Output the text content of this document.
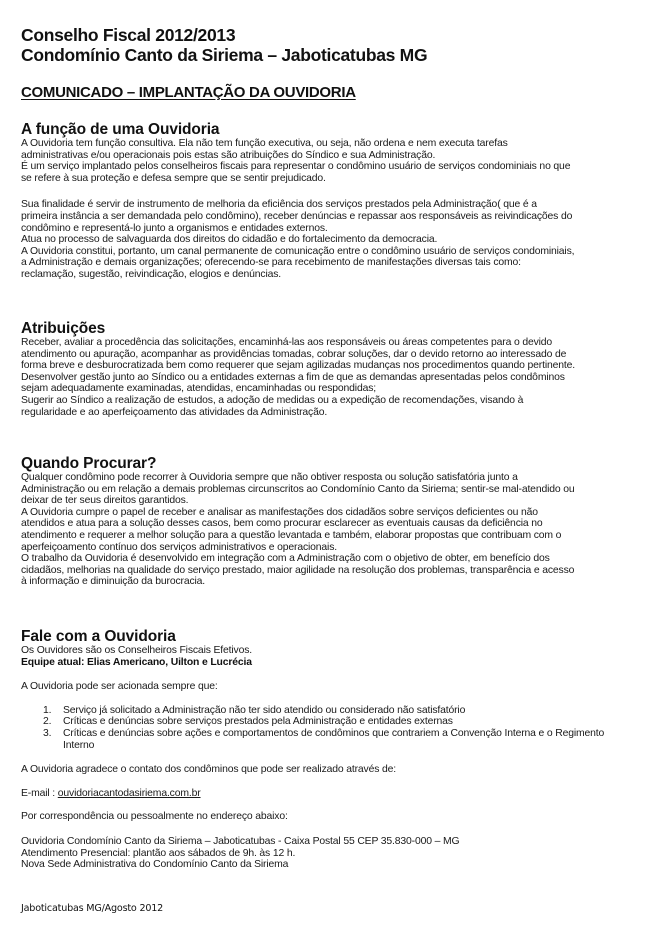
Conselho Fiscal 2012/2013

Condomínio Canto da Siriema – Jaboticatubas MG

COMUNICADO – IMPLANTAÇÃO DA OUVIDORIA

A função de uma Ouvidoria

A Ouvidoria tem função consultiva. Ela não tem função executiva, ou seja, não ordena e nem executa tarefas

administrativas e/ou operacionais pois estas são atribuições do Síndico e sua Administração.

É um serviço implantado pelos conselheiros fiscais para representar o condômino usuário de serviços condominiais no que

se refere à sua proteção e defesa sempre que se sentir prejudicado.

Sua finalidade é servir de instrumento de melhoria da eficiência dos serviços prestados pela Administração( que é a

primeira instância a ser demandada pelo condômino), receber denúncias e repassar aos responsáveis as reivindicações do

condômino e representá-lo junto a organismos e entidades externos.

Atua no processo de salvaguarda dos direitos do cidadão e do fortalecimento da democracia.

A Ouvidoria constitui, portanto, um canal permanente de comunicação entre o condômino usuário de serviços condominiais,

a Administração e demais organizações; oferecendo-se para recebimento de manifestações diversas tais como:

reclamação, sugestão, reivindicação, elogios e denúncias.

Atribuições

Receber, avaliar a procedência das solicitações, encaminhá-las aos responsáveis ou áreas competentes para o devido

atendimento ou apuração, acompanhar as providências tomadas, cobrar soluções, dar o devido retorno ao interessado de

forma breve e desburocratizada bem como requerer que sejam agilizadas mudanças nos procedimentos quando pertinente.

Desenvolver gestão junto ao Síndico ou a entidades externas a fim de que as demandas apresentadas pelos condôminos

sejam adequadamente examinadas, atendidas, encaminhadas ou respondidas;

Sugerir ao Síndico a realização de estudos, a adoção de medidas ou a expedição de recomendações, visando à

regularidade e ao aperfeiçoamento das atividades da Administração.

Quando Procurar?

Qualquer condômino pode recorrer à Ouvidoria sempre que não obtiver resposta ou solução satisfatória junto a

Administração ou em relação a demais problemas circunscritos ao Condomínio Canto da Siriema; sentir-se mal-atendido ou

deixar de ter seus direitos garantidos.

A Ouvidoria cumpre o papel de receber e analisar as manifestações dos cidadãos sobre serviços deficientes ou não

atendidos e atua para a solução desses casos, bem como procurar esclarecer as eventuais causas da deficiência no

atendimento e requerer a melhor solução para a questão levantada e também, elaborar propostas que contribuam com o

aperfeiçoamento contínuo dos serviços administrativos e operacionais.

O trabalho da Ouvidoria é desenvolvido em integração com a Administração com o objetivo de obter, em benefício dos

cidadãos, melhorias na qualidade do serviço prestado, maior agilidade na resolução dos problemas, transparência e acesso

à informação e diminuição da burocracia.

Fale com a Ouvidoria

Os Ouvidores são os Conselheiros Fiscais Efetivos.

Equipe atual: Elias Americano, Uilton e Lucrécia

A Ouvidoria pode ser acionada sempre que:

1. Serviço já solicitado a Administração não ter sido atendido ou considerado não satisfatório
2. Críticas e denúncias sobre serviços prestados pela Administração e entidades externas
3. Críticas e denúncias sobre ações e comportamentos de condôminos que contrariem a Convenção Interna e o Regimento Interno

A Ouvidoria agradece o contato dos condôminos que pode ser realizado através de:

E-mail : ouvidoriacantodasiriema.com.br

Por correspondência ou pessoalmente no endereço abaixo:

Ouvidoria Condomínio Canto da Siriema – Jaboticatubas - Caixa Postal 55 CEP 35.830-000 – MG

Atendimento Presencial: plantão aos sábados de 9h. às 12 h.

Nova Sede Administrativa do Condomínio Canto da Siriema

Jaboticatubas MG/Agosto 2012
